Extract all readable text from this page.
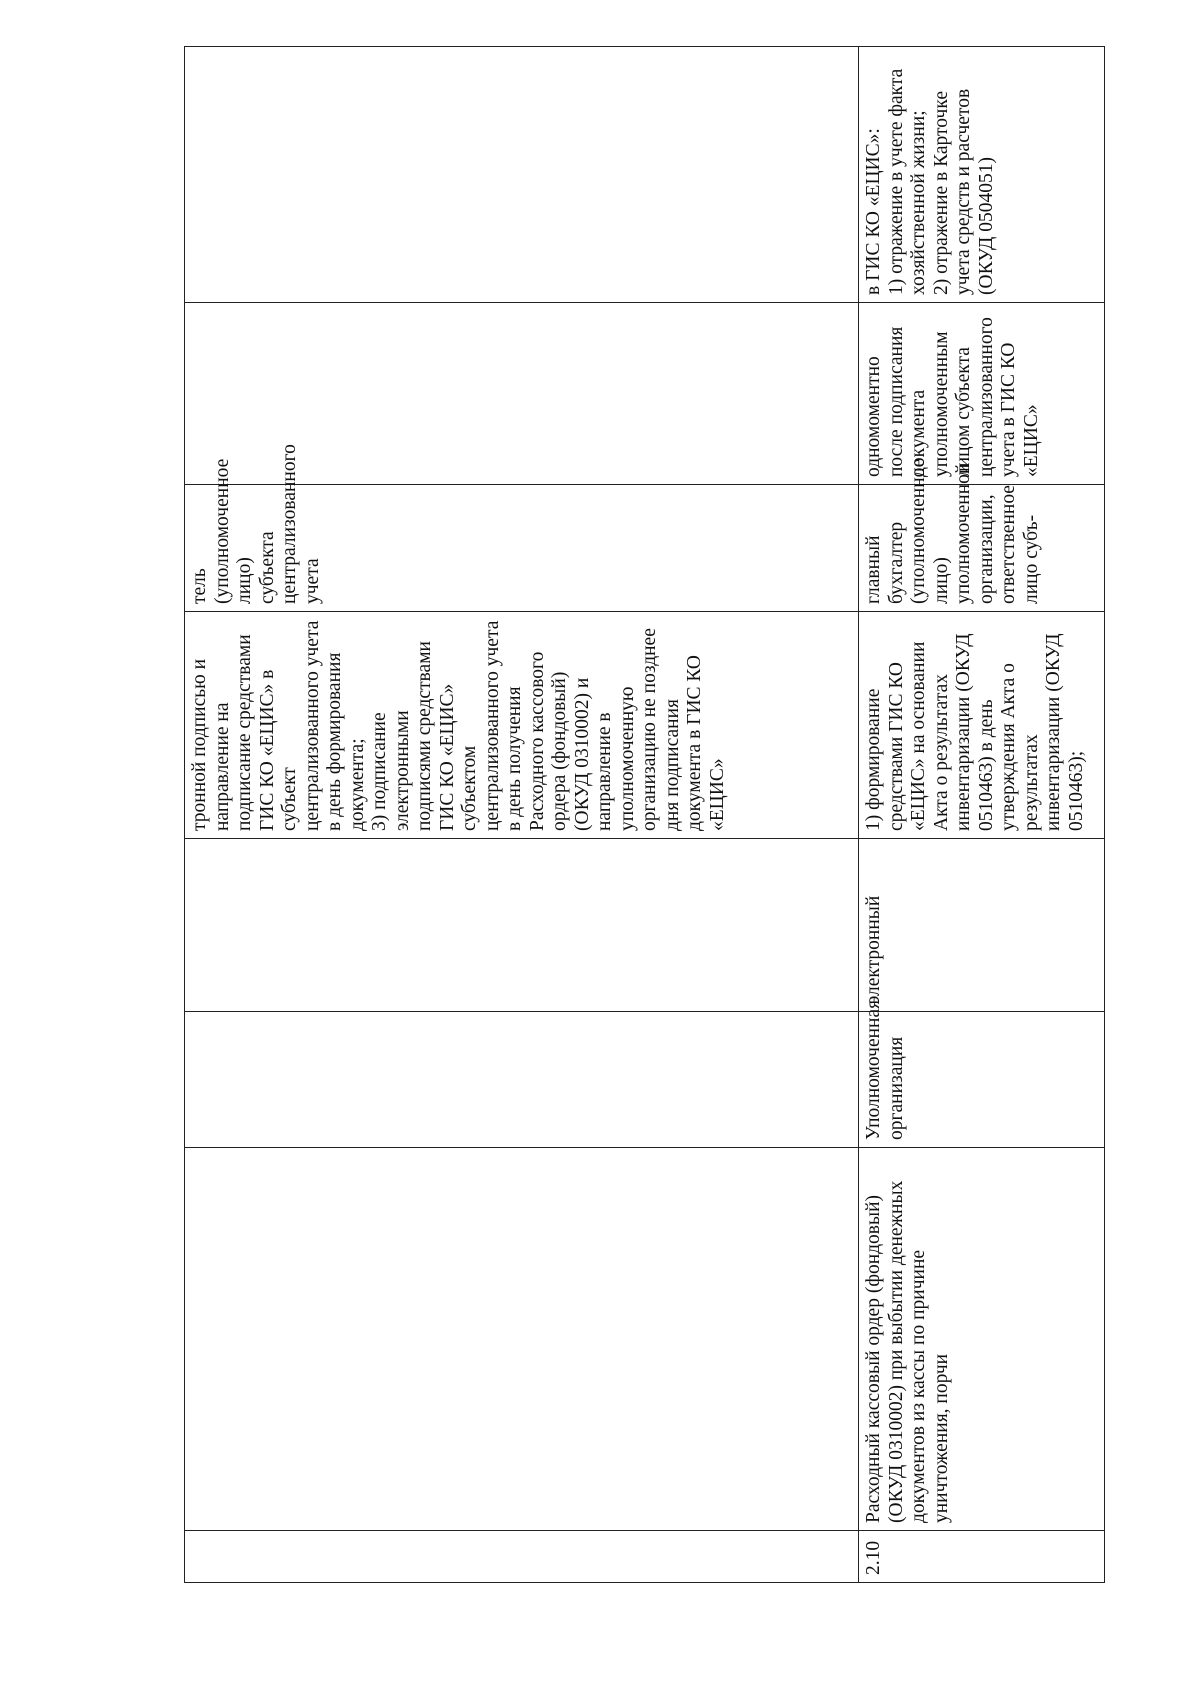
				тронной подписью и направление на подписание средствами ГИС КО «ЕЦИС» в субъект централизованного учета в день формирования документа;
3) подписание электронными подписями средствами ГИС КО «ЕЦИС» субъектом централизованного учета в день получения Расходного кассового ордера (фондовый) (ОКУД 0310002) и направление в уполномоченную организацию не позднее дня подписания документа в ГИС КО «ЕЦИС»	тель (уполномоченное лицо) субъекта централизованного учета		
2.10	Расходный кассовый ордер (фондовый) (ОКУД 0310002) при выбытии денежных документов из кассы по причине уничтожения, порчи	Уполномоченная организация	электронный	1) формирование средствами ГИС КО «ЕЦИС» на основании Акта о результатах инвентаризации (ОКУД 0510463) в день утверждения Акта о результатах инвентаризации (ОКУД 0510463);	главный бухгалтер (уполномоченное лицо) уполномоченной организации, ответственное лицо субъ-	одномоментно после подписания документа уполномоченным лицом субъекта централизованного учета в ГИС КО «ЕЦИС»	в ГИС КО «ЕЦИС»:
1) отражение в учете факта хозяйственной жизни;
2) отражение в Карточке учета средств и расчетов (ОКУД 0504051)
